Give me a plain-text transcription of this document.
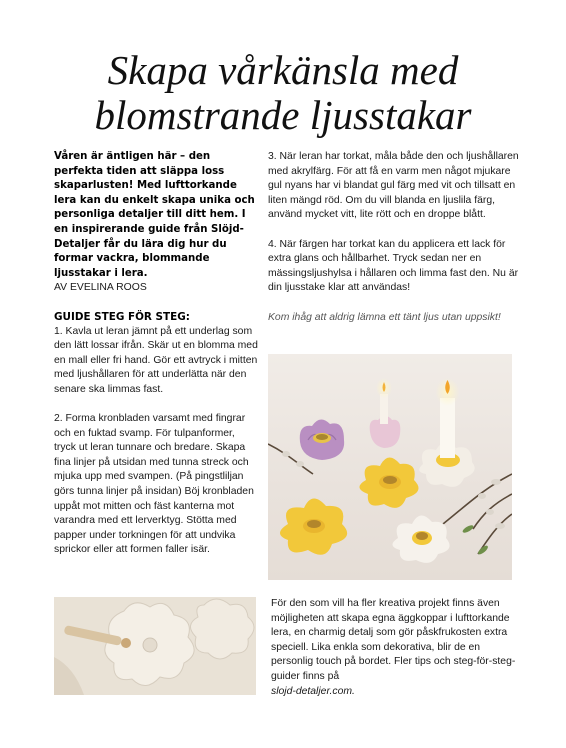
Skapa vårkänsla med
blomstrande ljusstakar

Våren är äntligen här – den perfekta tiden att släppa loss skaparlusten! Med lufttorkande lera kan du enkelt skapa unika och personliga detaljer till ditt hem. I en inspirerande guide från Slöjd-Detaljer får du lära dig hur du formar vackra, blommande ljusstakar i lera.

AV EVELINA ROOS

GUIDE STEG FÖR STEG:

1. Kavla ut leran jämnt på ett underlag som den lätt lossar ifrån. Skär ut en blomma med en mall eller fri hand. Gör ett avtryck i mitten med ljushållaren för att underlätta när den senare ska limmas fast.

2. Forma kronbladen varsamt med fingrar och en fuktad svamp. För tulpanformer, tryck ut leran tunnare och bredare. Skapa fina linjer på utsidan med tunna streck och mjuka upp med svampen. (På pingstliljan görs tunna linjer på insidan) Böj kronbladen uppåt mot mitten och fäst kanterna mot varandra med ett lerverktyg. Stötta med papper under torkningen för att undvika sprickor eller att formen faller isär.

3. När leran har torkat, måla både den och ljushållaren med akrylfärg. För att få en varm men något mjukare gul nyans har vi blandat gul färg med vit och tillsatt en liten mängd röd. Om du vill blanda en ljuslila färg, använd mycket vitt, lite rött och en droppe blått.

4. När färgen har torkat kan du applicera ett lack för extra glans och hållbarhet. Tryck sedan ner en mässingsljushylsa i hållaren och limma fast den. Nu är din ljusstake klar att användas!

Kom ihåg att aldrig lämna ett tänt ljus utan uppsikt!

För den som vill ha fler kreativa projekt finns även möjligheten att skapa egna äggkoppar i lufttorkande lera, en charmig detalj som gör påskfrukosten extra speciell. Lika enkla som dekorativa, blir de en personlig touch på bordet. Fler tips och steg-för-steg-guider finns på
slojd-detaljer.com.
